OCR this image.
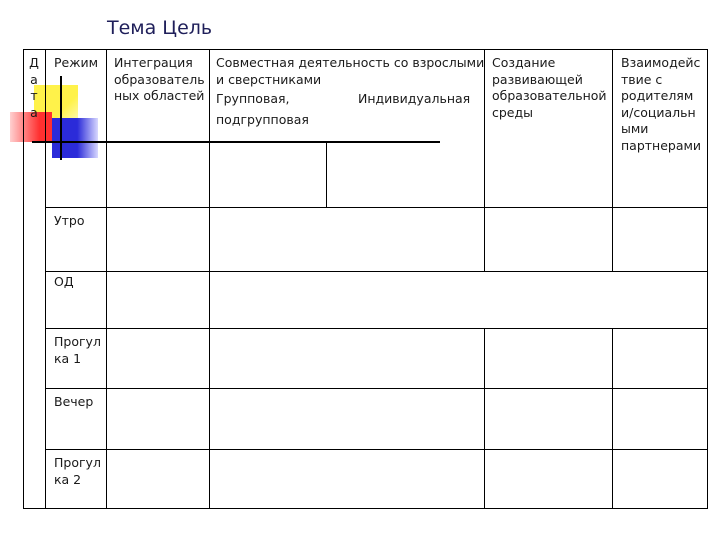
Тема Цель
Д
а
т
а
Режим Интеграция
образователь
ных областей
Совместная деятельность со взрослыми
и сверстниками
Групповая,	Индивидуальная
подгрупповая
Создание
развивающей
образовательной
среды
Взаимодейс
твие с
родителям
и/социальн
ыми
партнерами
Утро
ОД
Прогул
ка 1
Вечер
Прогул
ка 2
